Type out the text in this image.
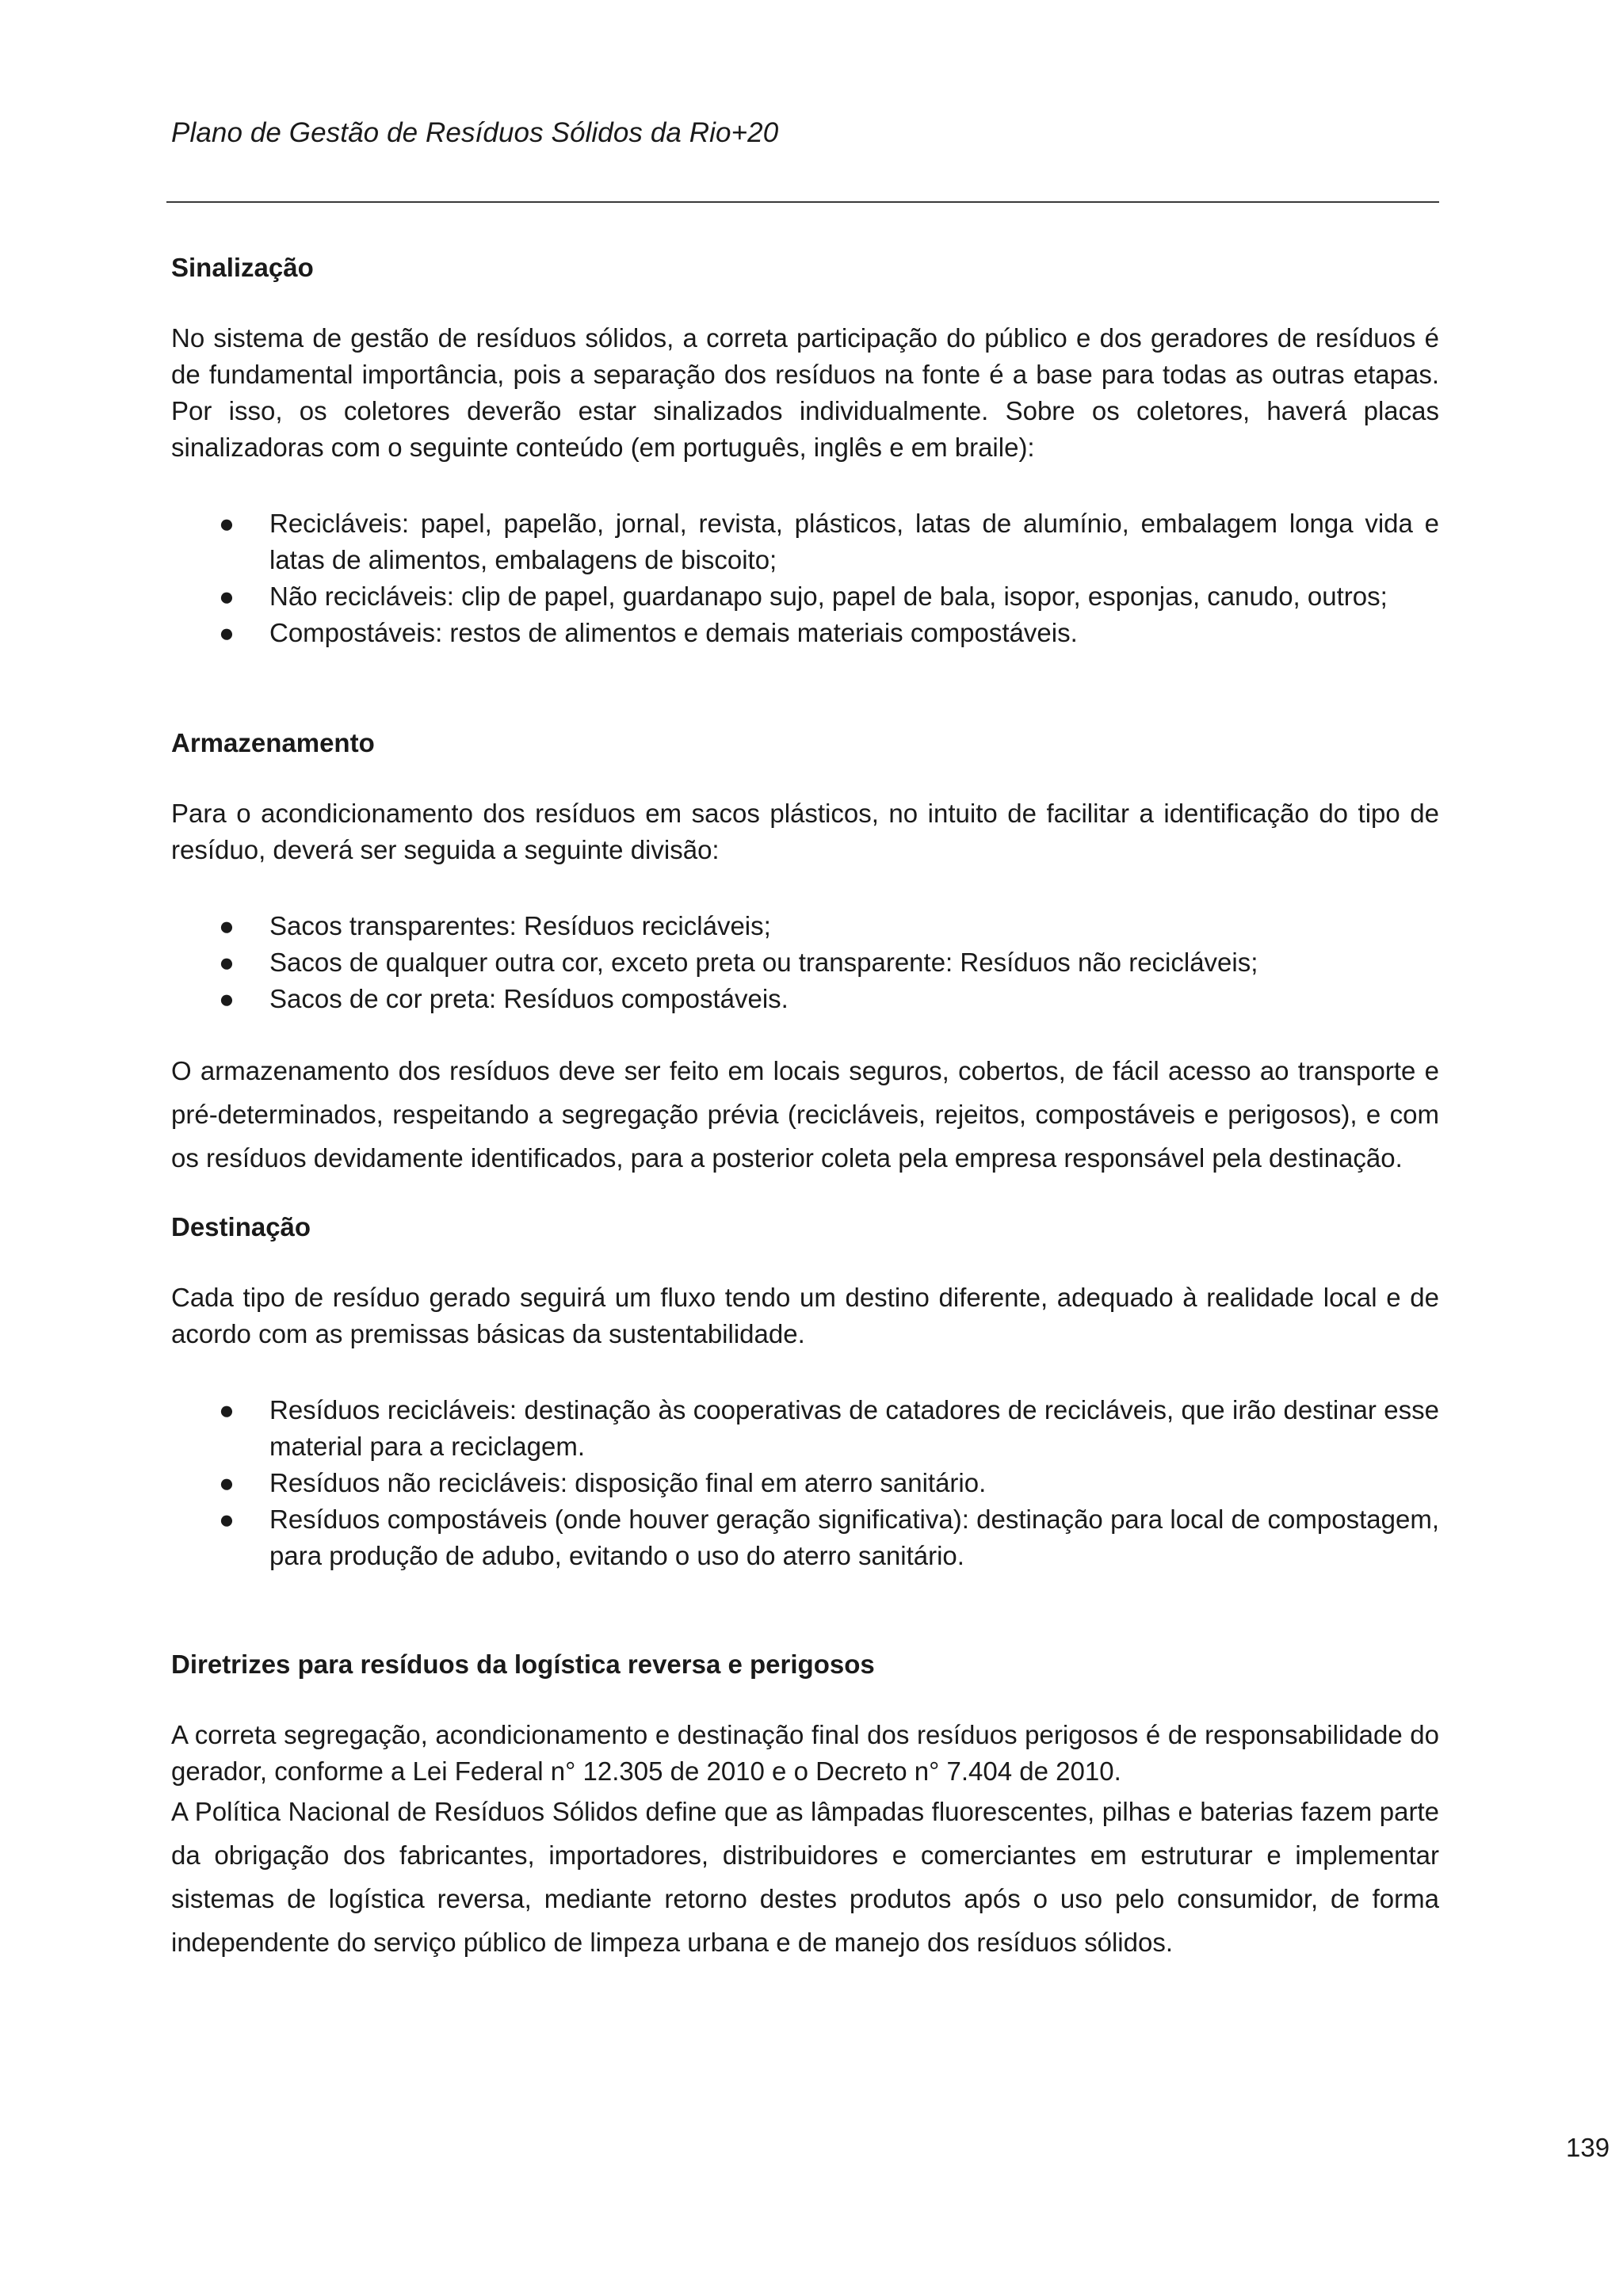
Plano de Gestão de Resíduos Sólidos da Rio+20
Sinalização

No sistema de gestão de resíduos sólidos, a correta participação do público e dos geradores de resíduos é de fundamental importância, pois a separação dos resíduos na fonte é a base para todas as outras etapas. Por isso, os coletores deverão estar sinalizados individualmente. Sobre os coletores, haverá placas sinalizadoras com o seguinte conteúdo (em português, inglês e em braile):

● Recicláveis: papel, papelão, jornal, revista, plásticos, latas de alumínio, embalagem longa vida e latas de alimentos, embalagens de biscoito;
● Não recicláveis: clip de papel, guardanapo sujo, papel de bala, isopor, esponjas, canudo, outros;
● Compostáveis: restos de alimentos e demais materiais compostáveis.
Armazenamento

Para o acondicionamento dos resíduos em sacos plásticos, no intuito de facilitar a identificação do tipo de resíduo, deverá ser seguida a seguinte divisão:

● Sacos transparentes: Resíduos recicláveis;
● Sacos de qualquer outra cor, exceto preta ou transparente: Resíduos não recicláveis;
● Sacos de cor preta: Resíduos compostáveis.

O armazenamento dos resíduos deve ser feito em locais seguros, cobertos, de fácil acesso ao transporte e pré-determinados, respeitando a segregação prévia (recicláveis, rejeitos, compostáveis e perigosos), e com os resíduos devidamente identificados, para a posterior coleta pela empresa responsável pela destinação.

Destinação

Cada tipo de resíduo gerado seguirá um fluxo tendo um destino diferente, adequado à realidade local e de acordo com as premissas básicas da sustentabilidade.

● Resíduos recicláveis: destinação às cooperativas de catadores de recicláveis, que irão destinar esse material para a reciclagem.
● Resíduos não recicláveis: disposição final em aterro sanitário.
● Resíduos compostáveis (onde houver geração significativa): destinação para local de compostagem, para produção de adubo, evitando o uso do aterro sanitário.
Diretrizes para resíduos da logística reversa e perigosos

A correta segregação, acondicionamento e destinação final dos resíduos perigosos é de responsabilidade do gerador, conforme a Lei Federal n° 12.305 de 2010 e o Decreto n° 7.404 de 2010.

A Política Nacional de Resíduos Sólidos define que as lâmpadas fluorescentes, pilhas e baterias fazem parte da obrigação dos fabricantes, importadores, distribuidores e comerciantes em estruturar e implementar sistemas de logística reversa, mediante retorno destes produtos após o uso pelo consumidor, de forma independente do serviço público de limpeza urbana e de manejo dos resíduos sólidos.

139
